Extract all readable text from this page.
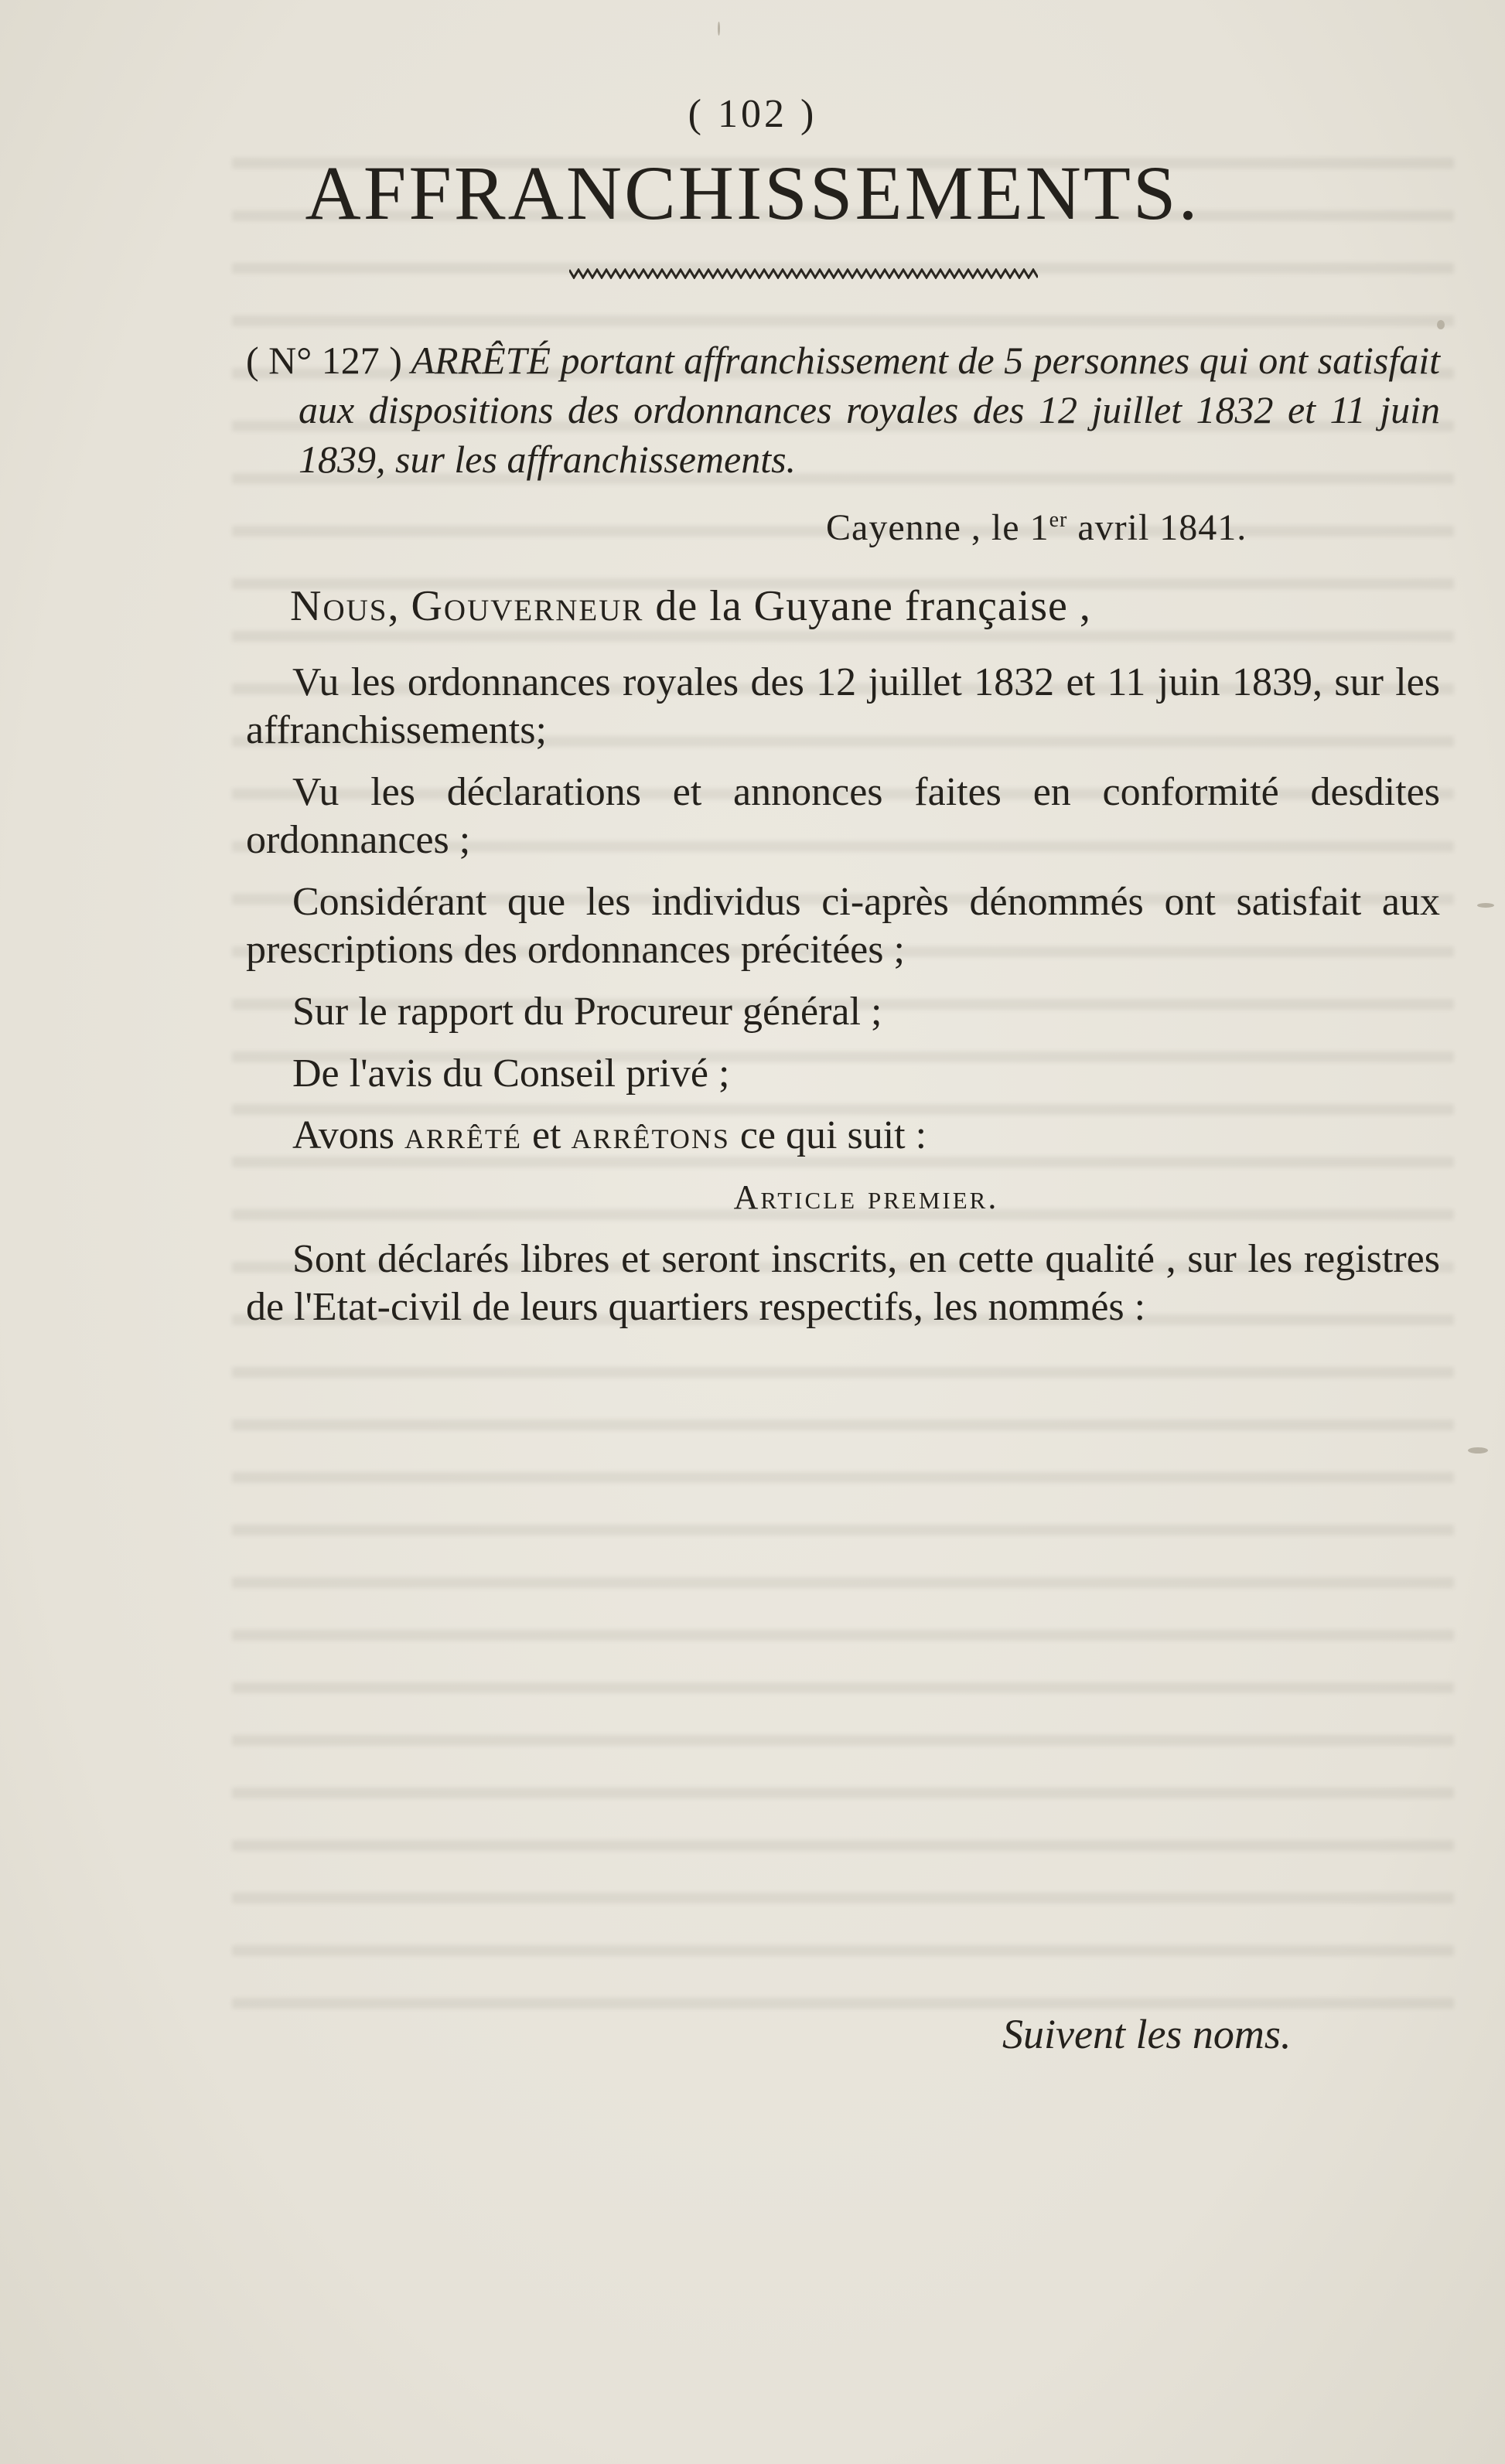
( 102 )
AFFRANCHISSEMENTS.
( N° 127 ) ARRÊTÉ portant affranchissement de 5 personnes qui ont satisfait aux dispositions des ordonnances royales des 12 juillet 1832 et 11 juin 1839, sur les affranchissements.
Cayenne , le 1er avril 1841.
Nous, Gouverneur de la Guyane française ,

Vu les ordonnances royales des 12 juillet 1832 et 11 juin 1839, sur les affranchissements;

Vu les déclarations et annonces faites en conformité desdites ordonnances ;

Considérant que les individus ci-après dénommés ont satisfait aux prescriptions des ordonnances précitées ;

Sur le rapport du Procureur général ;

De l'avis du Conseil privé ;

Avons arrêté et arrêtons ce qui suit :

Article premier.

Sont déclarés libres et seront inscrits, en cette qualité , sur les registres de l'Etat-civil de leurs quartiers respectifs, les nommés :

Suivent les noms.
